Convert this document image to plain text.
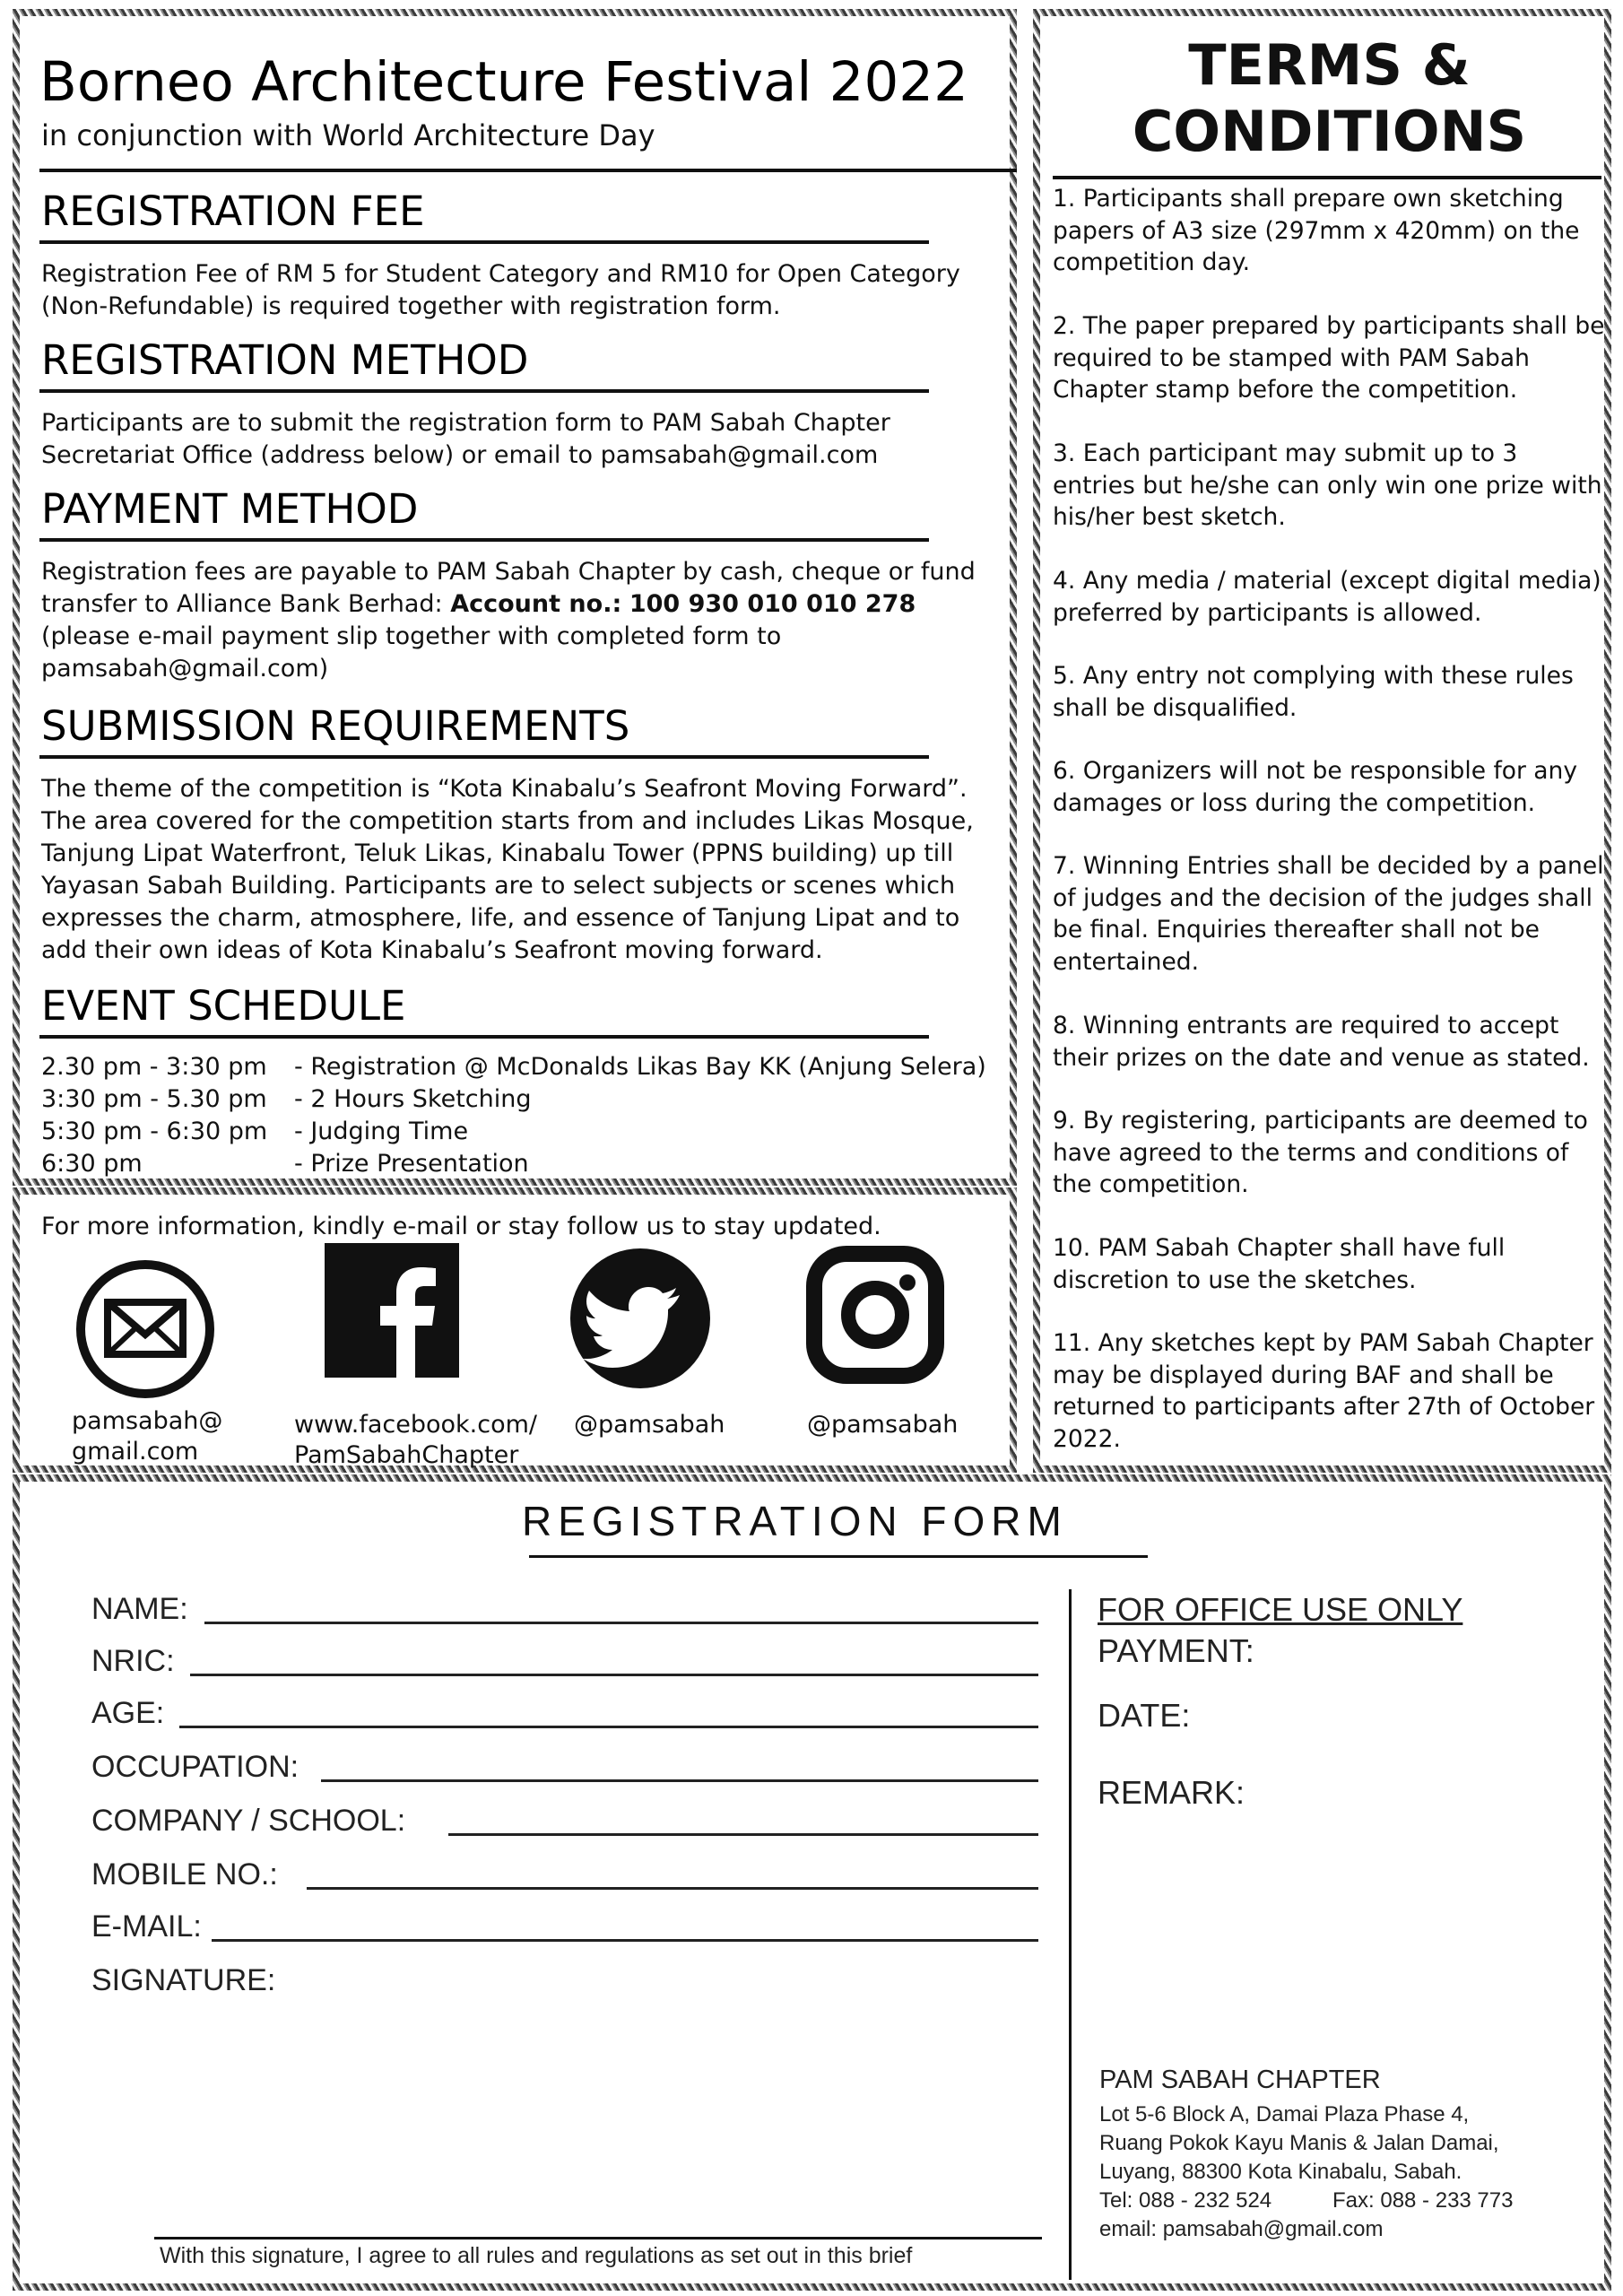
Borneo Architecture Festival 2022
in conjunction with World Architecture Day
REGISTRATION FEE
Registration Fee of RM 5 for Student Category and RM10 for Open Category (Non-Refundable) is required together with registration form.
REGISTRATION METHOD
Participants are to submit the registration form to PAM Sabah Chapter Secretariat Office (address below) or email to pamsabah@gmail.com
PAYMENT METHOD
Registration fees are payable to PAM Sabah Chapter by cash, cheque or fund transfer to Alliance Bank Berhad: Account no.: 100 930 010 010 278
(please e-mail payment slip together with completed form to pamsabah@gmail.com)
SUBMISSION REQUIREMENTS
The theme of the competition is “Kota Kinabalu’s Seafront Moving Forward”. The area covered for the competition starts from and includes Likas Mosque, Tanjung Lipat Waterfront, Teluk Likas, Kinabalu Tower (PPNS building) up till Yayasan Sabah Building. Participants are to select subjects or scenes which expresses the charm, atmosphere, life, and essence of Tanjung Lipat and to add their own ideas of Kota Kinabalu’s Seafront moving forward.
EVENT SCHEDULE
2.30 pm - 3:30 pm - Registration @ McDonalds Likas Bay KK (Anjung Selera)
3:30 pm - 5.30 pm - 2 Hours Sketching
5:30 pm - 6:30 pm - Judging Time
6:30 pm	- Prize Presentation
For more information, kindly e-mail or stay follow us to stay updated.
pamsabah@
gmail.com
www.facebook.com/
PamSabahChapter
@pamsabah	@pamsabah
TERMS &
CONDITIONS
1. Participants shall prepare own sketching papers of A3 size (297mm x 420mm) on the competition day.
2. The paper prepared by participants shall be required to be stamped with PAM Sabah Chapter stamp before the competition.
3. Each participant may submit up to 3 entries but he/she can only win one prize with his/her best sketch.
4. Any media / material (except digital media) preferred by participants is allowed.
5. Any entry not complying with these rules shall be disqualified.
6. Organizers will not be responsible for any damages or loss during the competition.
7. Winning Entries shall be decided by a panel of judges and the decision of the judges shall be final. Enquiries thereafter shall not be entertained.
8. Winning entrants are required to accept their prizes on the date and venue as stated.
9. By registering, participants are deemed to have agreed to the terms and conditions of the competition.
10. PAM Sabah Chapter shall have full discretion to use the sketches.
11. Any sketches kept by PAM Sabah Chapter may be displayed during BAF and shall be returned to participants after 27th of October 2022.
REGISTRATION FORM
NAME:
NRIC:
AGE:
OCCUPATION:
COMPANY / SCHOOL:
MOBILE NO.:
E-MAIL:
SIGNATURE:
FOR OFFICE USE ONLY
PAYMENT:
DATE:
REMARK:
PAM SABAH CHAPTER
Lot 5-6 Block A, Damai Plaza Phase 4,
Ruang Pokok Kayu Manis & Jalan Damai,
Luyang, 88300 Kota Kinabalu, Sabah.
Tel: 088 - 232 524	Fax: 088 - 233 773
email: pamsabah@gmail.com
With this signature, I agree to all rules and regulations as set out in this brief
